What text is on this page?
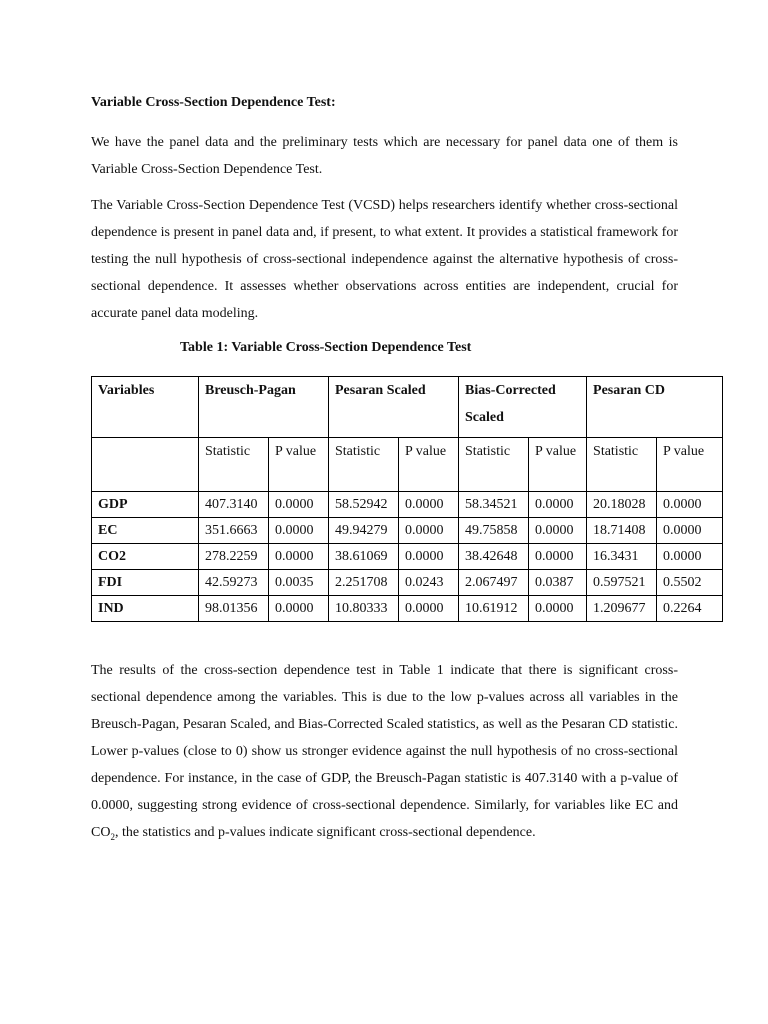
Variable Cross-Section Dependence Test:

We have the panel data and the preliminary tests which are necessary for panel data one of them is Variable Cross-Section Dependence Test.

The Variable Cross-Section Dependence Test (VCSD) helps researchers identify whether cross-sectional dependence is present in panel data and, if present, to what extent. It provides a statistical framework for testing the null hypothesis of cross-sectional independence against the alternative hypothesis of cross-sectional dependence. It assesses whether observations across entities are independent, crucial for accurate panel data modeling.

Table 1: Variable Cross-Section Dependence Test
Variables	Breusch-Pagan		Pesaran Scaled		Bias-Corrected Scaled		Pesaran CD	
	Statistic	P value	Statistic	P value	Statistic	P value	Statistic	P value
GDP	407.3140	0.0000	58.52942	0.0000	58.34521	0.0000	20.18028	0.0000
EC	351.6663	0.0000	49.94279	0.0000	49.75858	0.0000	18.71408	0.0000
CO2	278.2259	0.0000	38.61069	0.0000	38.42648	0.0000	16.3431	0.0000
FDI	42.59273	0.0035	2.251708	0.0243	2.067497	0.0387	0.597521	0.5502
IND	98.01356	0.0000	10.80333	0.0000	10.61912	0.0000	1.209677	0.2264

The results of the cross-section dependence test in Table 1 indicate that there is significant cross-sectional dependence among the variables. This is due to the low p-values across all variables in the Breusch-Pagan, Pesaran Scaled, and Bias-Corrected Scaled statistics, as well as the Pesaran CD statistic. Lower p-values (close to 0) show us stronger evidence against the null hypothesis of no cross-sectional dependence. For instance, in the case of GDP, the Breusch-Pagan statistic is 407.3140 with a p-value of 0.0000, suggesting strong evidence of cross-sectional dependence. Similarly, for variables like EC and $CO_2$, the statistics and p-values indicate significant cross-sectional dependence.
